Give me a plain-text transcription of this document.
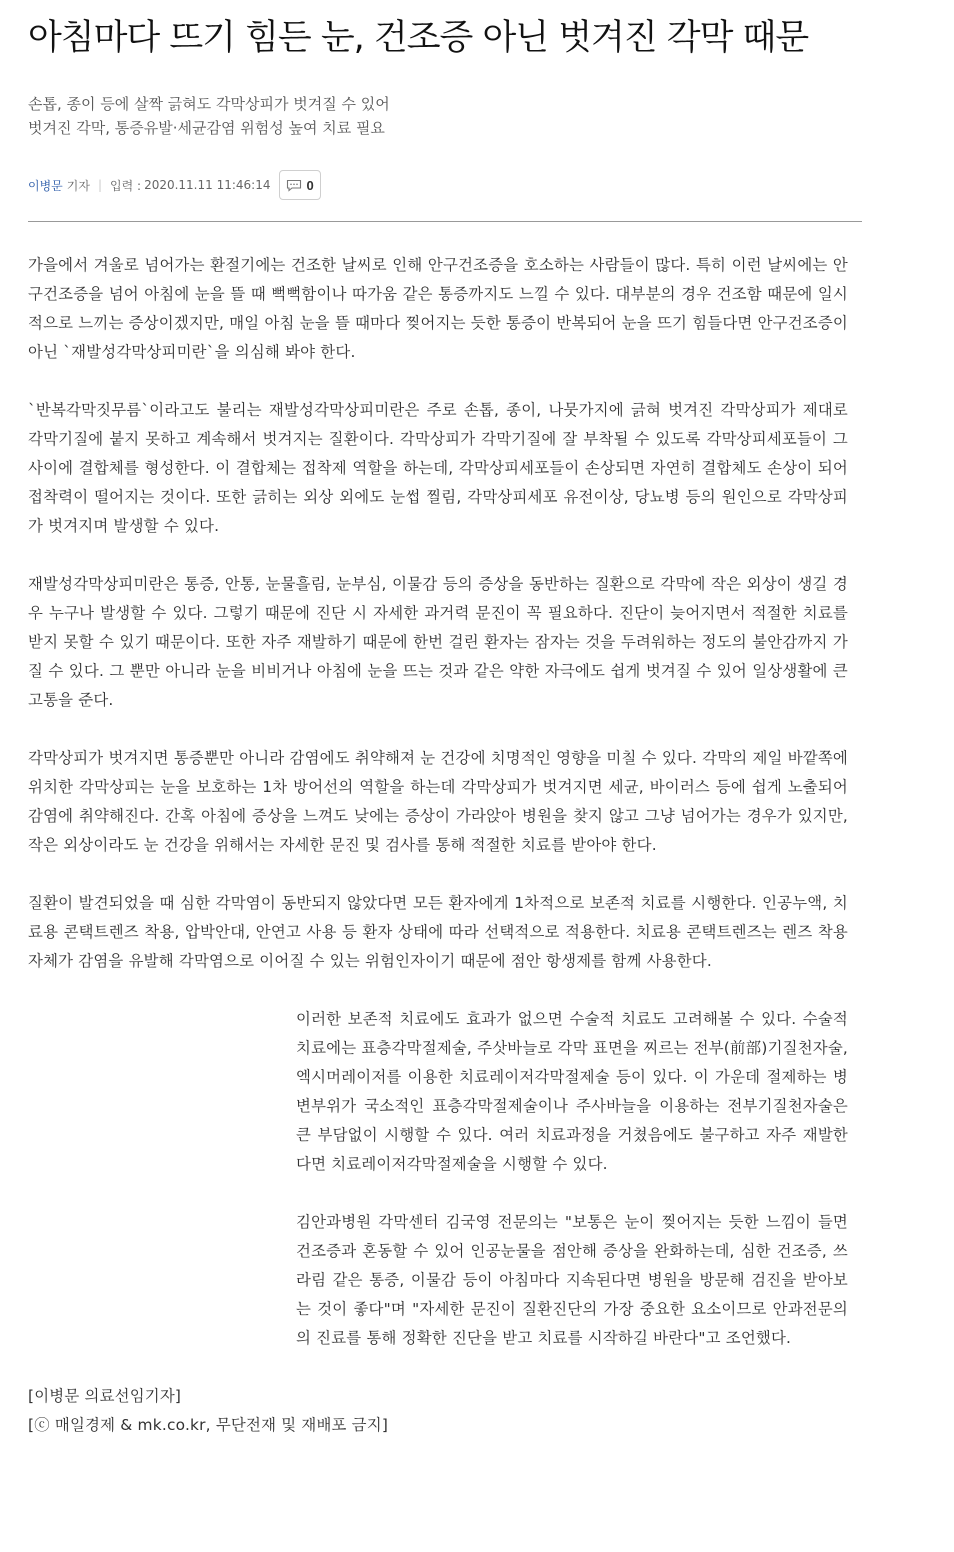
아침마다 뜨기 힘든 눈, 건조증 아닌 벗겨진 각막 때문
손톱, 종이 등에 살짝 긁혀도 각막상피가 벗겨질 수 있어
벗겨진 각막, 통증유발·세균감염 위험성 높여 치료 필요
이병문 기자 | 입력 : 2020.11.11 11:46:14	0

가을에서 겨울로 넘어가는 환절기에는 건조한 날씨로 인해 안구건조증을 호소하는 사람들이 많다. 특히 이런 날씨에는 안구건조증을 넘어 아침에 눈을 뜰 때 뻑뻑함이나 따가움 같은 통증까지도 느낄 수 있다. 대부분의 경우 건조함 때문에 일시적으로 느끼는 증상이겠지만, 매일 아침 눈을 뜰 때마다 찢어지는 듯한 통증이 반복되어 눈을 뜨기 힘들다면 안구건조증이 아닌 `재발성각막상피미란`을 의심해 봐야 한다.

`반복각막짓무름`이라고도 불리는 재발성각막상피미란은 주로 손톱, 종이, 나뭇가지에 긁혀 벗겨진 각막상피가 제대로 각막기질에 붙지 못하고 계속해서 벗겨지는 질환이다. 각막상피가 각막기질에 잘 부착될 수 있도록 각막상피세포들이 그 사이에 결합체를 형성한다. 이 결합체는 접착제 역할을 하는데, 각막상피세포들이 손상되면 자연히 결합체도 손상이 되어 접착력이 떨어지는 것이다. 또한 긁히는 외상 외에도 눈썹 찔림, 각막상피세포 유전이상, 당뇨병 등의 원인으로 각막상피가 벗겨지며 발생할 수 있다.

재발성각막상피미란은 통증, 안통, 눈물흘림, 눈부심, 이물감 등의 증상을 동반하는 질환으로 각막에 작은 외상이 생길 경우 누구나 발생할 수 있다. 그렇기 때문에 진단 시 자세한 과거력 문진이 꼭 필요하다. 진단이 늦어지면서 적절한 치료를 받지 못할 수 있기 때문이다. 또한 자주 재발하기 때문에 한번 걸린 환자는 잠자는 것을 두려워하는 정도의 불안감까지 가질 수 있다. 그 뿐만 아니라 눈을 비비거나 아침에 눈을 뜨는 것과 같은 약한 자극에도 쉽게 벗겨질 수 있어 일상생활에 큰 고통을 준다.

각막상피가 벗겨지면 통증뿐만 아니라 감염에도 취약해져 눈 건강에 치명적인 영향을 미칠 수 있다. 각막의 제일 바깥쪽에 위치한 각막상피는 눈을 보호하는 1차 방어선의 역할을 하는데 각막상피가 벗겨지면 세균, 바이러스 등에 쉽게 노출되어 감염에 취약해진다. 간혹 아침에 증상을 느껴도 낮에는 증상이 가라앉아 병원을 찾지 않고 그냥 넘어가는 경우가 있지만, 작은 외상이라도 눈 건강을 위해서는 자세한 문진 및 검사를 통해 적절한 치료를 받아야 한다.

질환이 발견되었을 때 심한 각막염이 동반되지 않았다면 모든 환자에게 1차적으로 보존적 치료를 시행한다. 인공누액, 치료용 콘택트렌즈 착용, 압박안대, 안연고 사용 등 환자 상태에 따라 선택적으로 적용한다. 치료용 콘택트렌즈는 렌즈 착용 자체가 감염을 유발해 각막염으로 이어질 수 있는 위험인자이기 때문에 점안 항생제를 함께 사용한다.

이러한 보존적 치료에도 효과가 없으면 수술적 치료도 고려해볼 수 있다. 수술적 치료에는 표층각막절제술, 주삿바늘로 각막 표면을 찌르는 전부(前部)기질천자술, 엑시머레이저를 이용한 치료레이저각막절제술 등이 있다. 이 가운데 절제하는 병변부위가 국소적인 표층각막절제술이나 주사바늘을 이용하는 전부기질천자술은 큰 부담없이 시행할 수 있다. 여러 치료과정을 거쳤음에도 불구하고 자주 재발한다면 치료레이저각막절제술을 시행할 수 있다.

김안과병원 각막센터 김국영 전문의는 "보통은 눈이 찢어지는 듯한 느낌이 들면 건조증과 혼동할 수 있어 인공눈물을 점안해 증상을 완화하는데, 심한 건조증, 쓰라림 같은 통증, 이물감 등이 아침마다 지속된다면 병원을 방문해 검진을 받아보는 것이 좋다"며 "자세한 문진이 질환진단의 가장 중요한 요소이므로 안과전문의의 진료를 통해 정확한 진단을 받고 치료를 시작하길 바란다"고 조언했다.

[이병문 의료선임기자]
[ⓒ 매일경제 & mk.co.kr, 무단전재 및 재배포 금지]
